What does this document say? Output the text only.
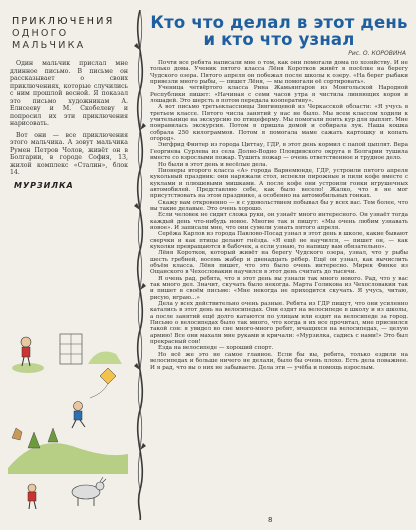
ПРИКЛЮЧЕНИЯ
ОДНОГО
МАЛЬЧИКА

Один мальчик прислал мне длинное письмо. В письме он рассказывает о своих приключениях, которые случились с ним прошлой весной. Я показал это письмо художникам А. Елисееву и М. Скобелеву и попросил их эти приключения нарисовать.

Вот они — все приключения этого мальчика. А зовут мальчика Румен Петров Чолов, живёт он в Болгарии, в городе София, 13, жилой комплекс «Сталин», блок 14.

МУРЗИЛКА
Кто что делал в этот день
и кто что узнал
Рис. О. КОРОВИНА

Почти все ребята написали мне о том, как они помогали дома по хозяйству. И не только дома. Ученик пятого класса Лёня Коротков живёт в посёлке на берегу Чудского озера. Пятого апреля он побежал после школы к озеру. «На берег рыбаки привезли много рыбы, — пишет Лёня, — мы помогали её сортировать».

Ученица четвёртого класса Рина Жамьянгаров из Монгольской Народной Республики пишет: «Начиная с семи часов утра я чистила линяющих коров и лошадей. Это шерсть я потом передала кооперативу».

А вот письмо третьеклассницы Звягинцевой из Черкасской области: «Я учусь в третьем классе. Пятого числа занятий у нас не было. Мы всем классом ходили к учительнице на экскурсию по птицеферму. Мы помогали поить кур для цыплят. Мне понравилась экскурсия. Потом я пришла домой и собирала лук. Наша кошка собрала 250 килограммов. Потом я помогала маме сажать картошку и копать огород».

Энгфрид Финтер из города Циттау, ГДР, в этот день кормил с папой цыплят. Вера Георгиева Сурлева из села Долно-Водно Пловдивского округа в Болгарии тушила вместе со взрослыми пожар. Тушить пожар — очень ответственное и трудное дело.

Но были в этот день и весёлые дела.

Пионеры второго класса «А» города Варнемюнде, ГДР, устроили пятого апреля кукольный праздник: они наряжали стол, испекли пирожные и пили кофе вместе с куклами и плюшевыми мишками. А после кофе они устроили гонки игрушечных автомобилей. Представляю себе, как было весело! Жалко, что я не мог присутствовать на этом празднике, а особенно на автомобильных гонках.

Скажу вам откровенно — я с удовольствием побывал бы у всех вас. Тем более, что вы такие делавые. Это очень хорошо.

Если человек не сидит сложа руки, он узнаёт много интересного. Он узнаёт тогда каждый день что-нибудь новое. Многие так и пишут: «Мы очень любим узнавать новое». И записали мне, что они сумели узнать пятого апреля.

Серёжа Карлов из города Павлово-Посад узнал в этот день в школе, какие бывают сверчки и как птицы делают гнёзда. «Я ещё не научился, — пишет он, — как куколки превращаются в бабочек, а если узнаю, то напишу вам обязательно».

Лёня Коротков, который живёт на берегу Чудского озера, узнал, что у рыбы шесть гребней, восемь жабер и двенадцать рёбер. Ещё он узнал, как вычислить объём класса. Лёня пишет, что это было очень интересно. Мирек Финке из Ощанского в Чехословакии научился в этот день считать до тысячи.

Я очень рад, ребята, что в этот день вы узнали так много нового. Рад, что у вас так много дел. Значит, скучать было некогда. Марта Голикова из Чехословакии так и пишет в своём письме: «Мне некогда не приходится скучать. Я учусь, читаю, рисую, играю...»

Дела у всех действительно очень разные. Ребята из ГДР пишут, что они усиленно катались в этот день на велосипедах. Они ездят на велосипеде в школу и из школы, а после занятий ещё долго катаются по улицам или ездят на велосипеде за город. Письмо о велосипедах было так много, что когда я их все прочитал, мне приснился такой сон: я увидел во сне много-много ребят, мчащихся на велосипедах, — целую армию! Все они махали мне руками и кричали: «Мурзилка, садись с нами!» Это был прекрасный сон!

Езда на велосипеде — хороший спорт.

Но всё же это не самое главное. Если бы вы, ребята, только ездили на велосипедах и больше ничего не делали, было бы очень плохо. Есть дела поважнее. И я рад, что вы о них не забываете. Дела эти — учёба и помощь взрослым.

8
